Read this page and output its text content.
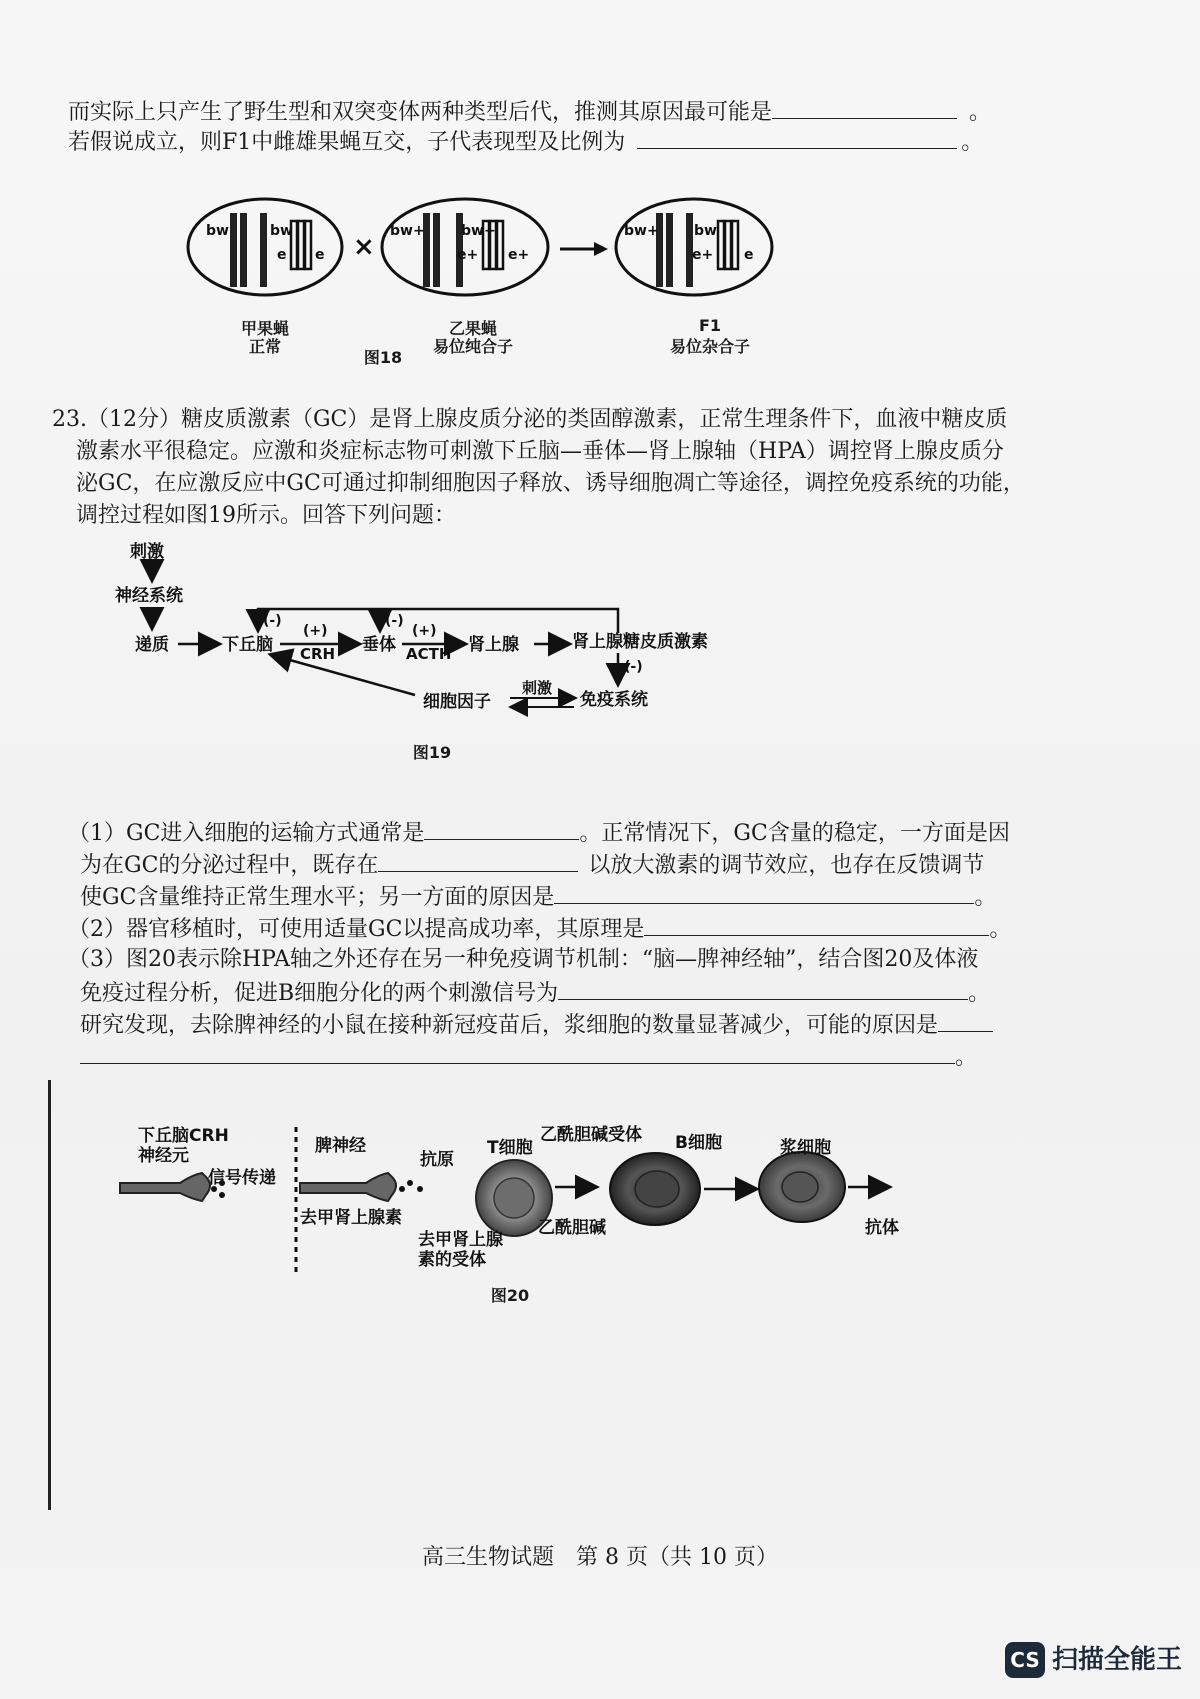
而实际上只产生了野生型和双突变体两种类型后代，推测其原因最可能是	。
若假说成立，则F1中雌雄果蝇互交，子代表现型及比例为	。
bw	bw
e e ×
bw+	bw+
e+ e+
bw+	bw
e+ e
甲果蝇
正常
乙果蝇
易位纯合子
F1
易位杂合子
图18
23.（12分）糖皮质激素（GC）是肾上腺皮质分泌的类固醇激素，正常生理条件下，血液中糖皮质
激素水平很稳定。应激和炎症标志物可刺激下丘脑—垂体—肾上腺轴（HPA）调控肾上腺皮质分
泌GC，在应激反应中GC可通过抑制细胞因子释放、诱导细胞凋亡等途径，调控免疫系统的功能，
调控过程如图19所示。回答下列问题：
刺激
神经系统
递质	下丘脑
(+)
CRH 垂体
(+)
ACTH 肾上腺	肾上腺糖皮质激素
(-)	(-)
(-)
免疫系统
细胞因子
刺激
图19
（1）GC进入细胞的运输方式通常是	。正常情况下，GC含量的稳定，一方面是因
为在GC的分泌过程中，既存在	以放大激素的调节效应，也存在反馈调节
使GC含量维持正常生理水平；另一方面的原因是	。
（2）器官移植时，可使用适量GC以提高成功率，其原理是	。
（3）图20表示除HPA轴之外还存在另一种免疫调节机制：“脑—脾神经轴”，结合图20及体液
免疫过程分析，促进B细胞分化的两个刺激信号为	。
研究发现，去除脾神经的小鼠在接种新冠疫苗后，浆细胞的数量显著减少，可能的原因是
。
下丘脑CRH
神经元
信号传递
脾神经
去甲肾上腺素
抗原
T细胞
乙酰胆碱受体
乙酰胆碱
去甲肾上腺
素的受体
B细胞	浆细胞
抗体
图20
高三生物试题　第 8 页（共 10 页）
CS 扫描全能王
